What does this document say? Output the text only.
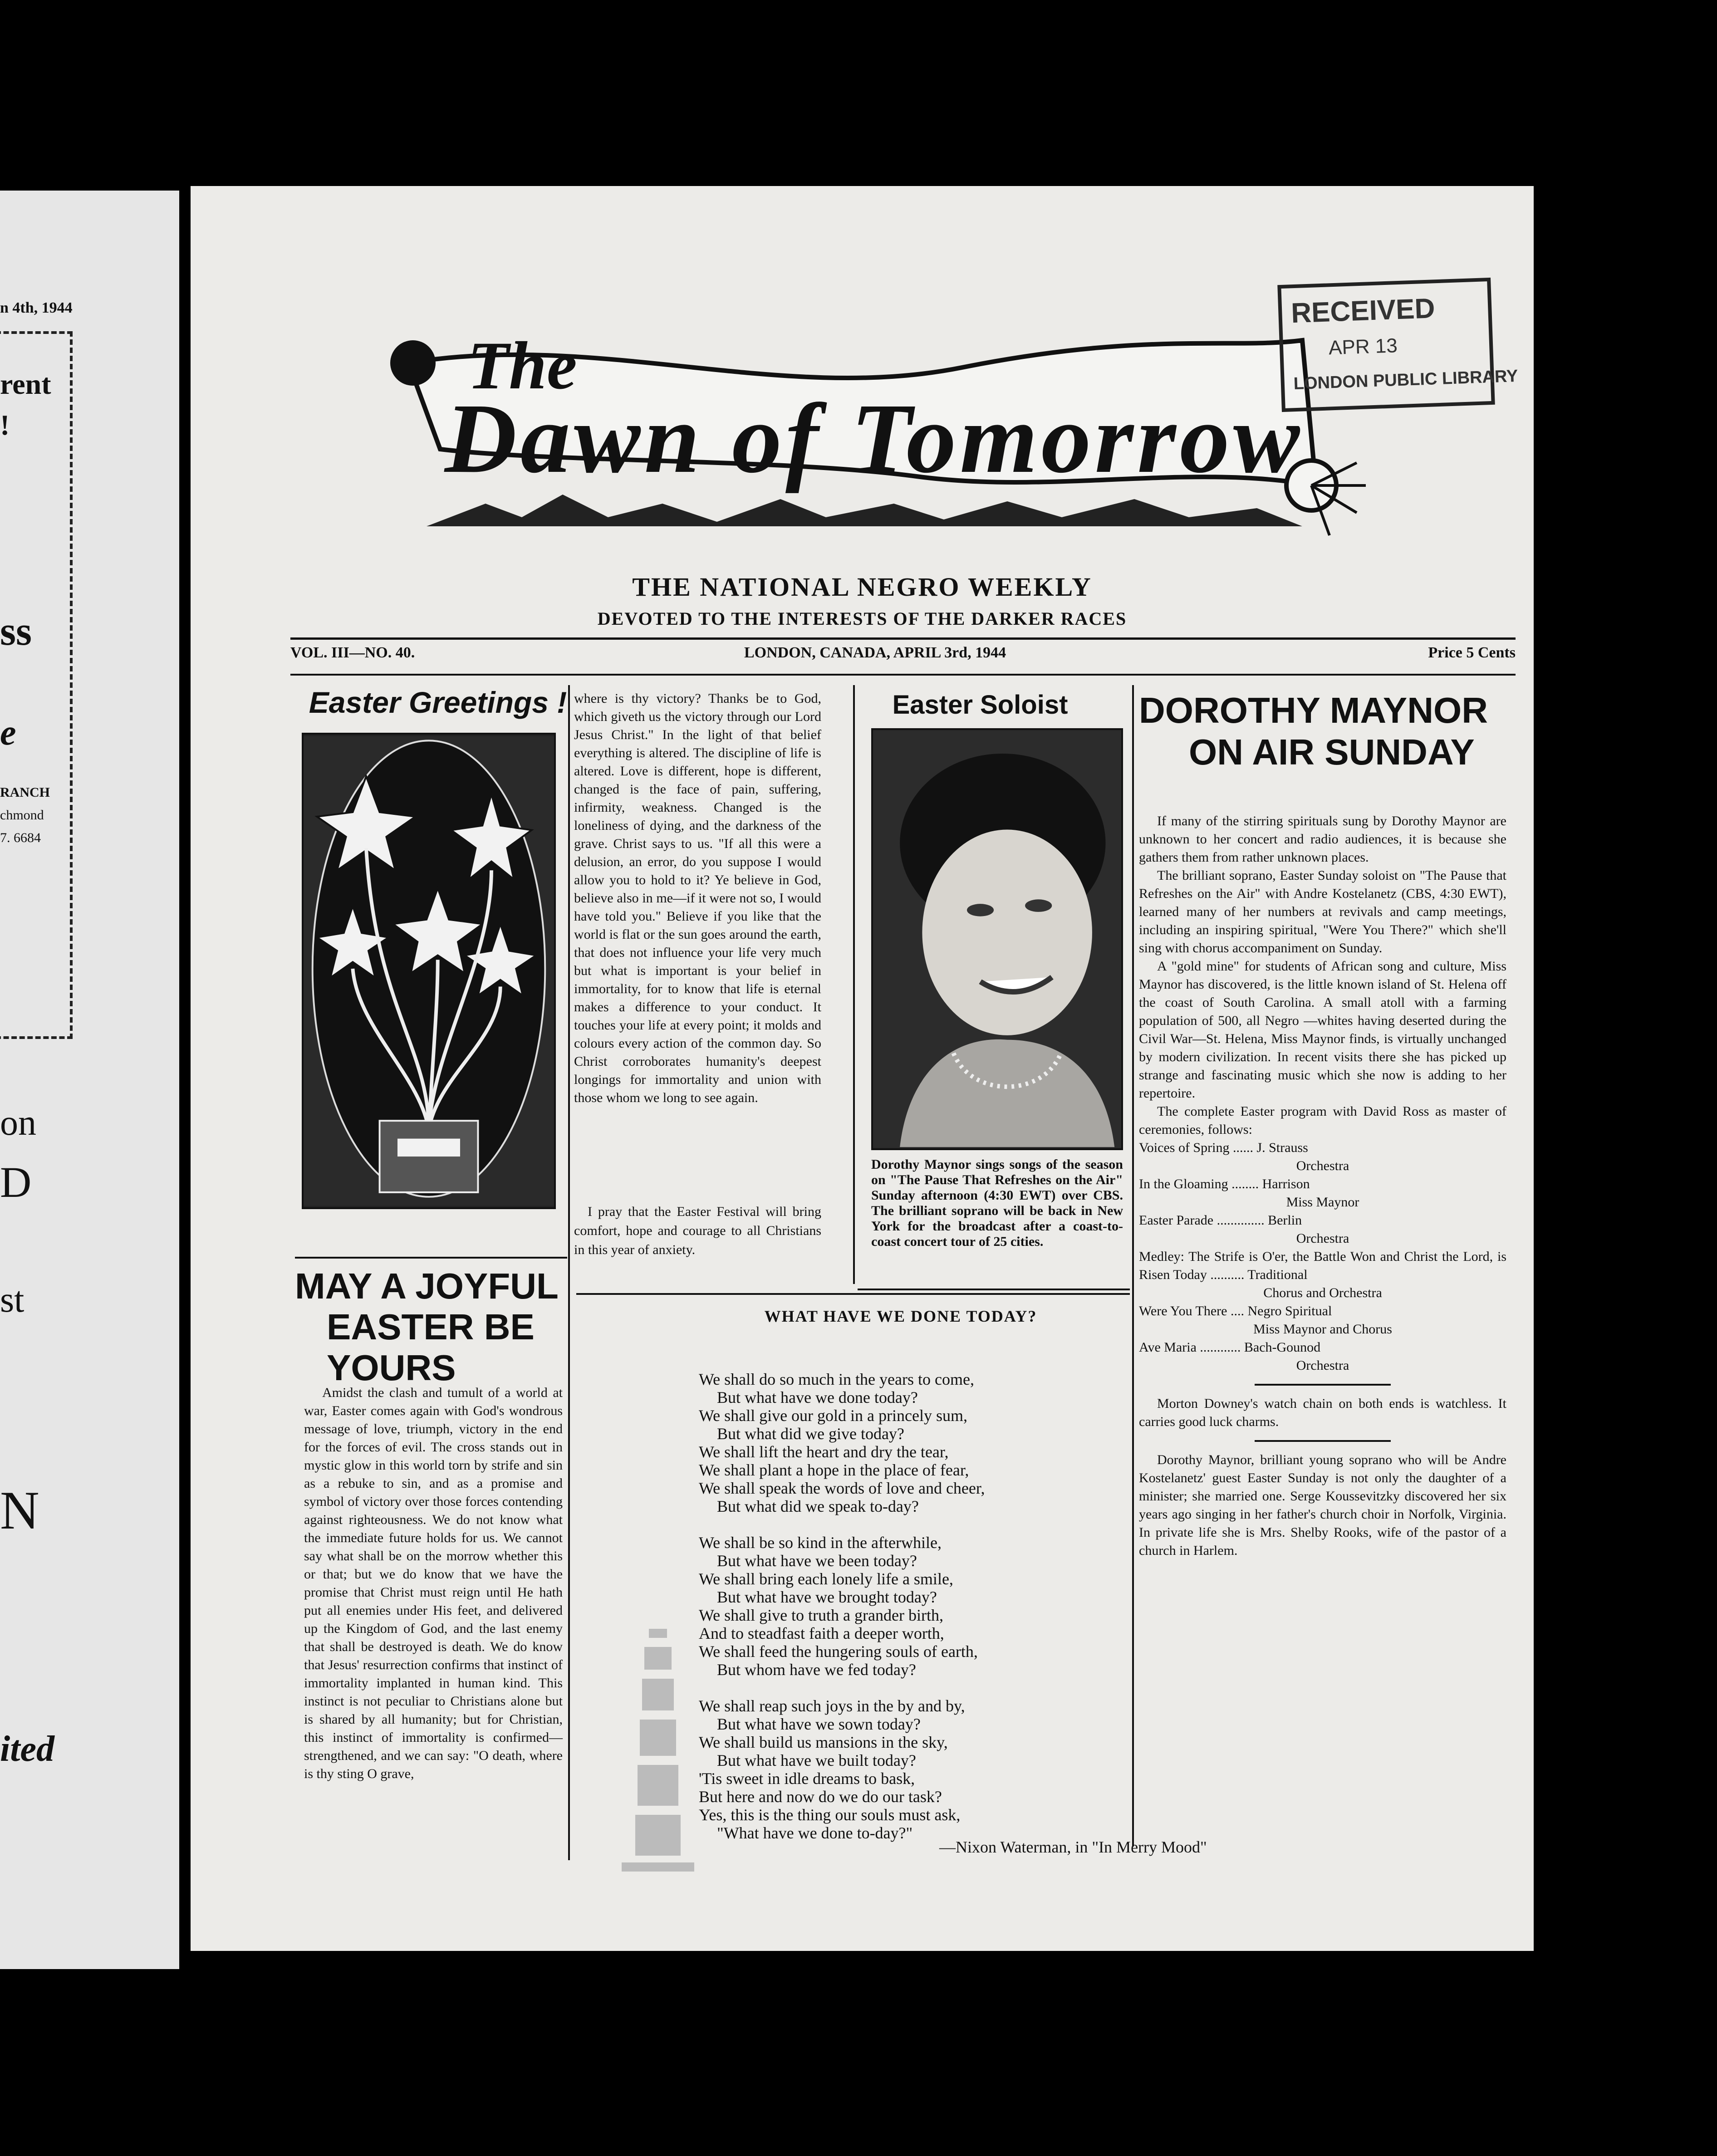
n 4th, 1944
rent
!
ss
e
RANCH
chmond
7. 6684
on
D
st
N
ited
The
Dawn of Tomorrow
RECEIVED
APR 13
LONDON PUBLIC LIBRARY
THE NATIONAL NEGRO WEEKLY
DEVOTED TO THE INTERESTS OF THE DARKER RACES
VOL. III—NO. 40.	LONDON, CANADA, APRIL 3rd, 1944	Price 5 Cents
Easter Greetings ! where is thy victory? Thanks be to God, which giveth us the victory through our Lord Jesus Christ." In the light of that belief everything is altered. The discipline of life is altered. Love is different, hope is different, changed is the face of pain, suffering, infirmity, weakness. Changed is the loneliness of dying, and the darkness of the grave. Christ says to us. "If all this were a delusion, an error, do you suppose I would allow you to hold to it? Ye believe in God, believe also in me—if it were not so, I would have told you." Believe if you like that the world is flat or the sun goes around the earth, that does not influence your life very much but what is important is your belief in immortality, for to know that life is eternal makes a difference to your conduct. It touches your life at every point; it molds and colours every action of the common day. So Christ corroborates humanity's deepest longings for immortality and union with those whom we long to see again.
I pray that the Easter Festival will bring comfort, hope and courage to all Christians in this year of anxiety.
Easter Soloist
Dorothy Maynor sings songs of the season on "The Pause That Refreshes on the Air" Sunday afternoon (4:30 EWT) over CBS. The brilliant soprano will be back in New York for the broadcast after a coast-to-coast concert tour of 25 cities.
DOROTHY MAYNOR
ON AIR SUNDAY

If many of the stirring spirituals sung by Dorothy Maynor are unknown to her concert and radio audiences, it is because she gathers them from rather unknown places.

The brilliant soprano, Easter Sunday soloist on "The Pause that Refreshes on the Air" with Andre Kostelanetz (CBS, 4:30 EWT), learned many of her numbers at revivals and camp meetings, including an inspiring spiritual, "Were You There?" which she'll sing with chorus accompaniment on Sunday.

A "gold mine" for students of African song and culture, Miss Maynor has discovered, is the little known island of St. Helena off the coast of South Carolina. A small atoll with a farming population of 500, all Negro —whites having deserted during the Civil War—St. Helena, Miss Maynor finds, is virtually unchanged by modern civilization. In recent visits there she has picked up strange and fascinating music which she now is adding to her repertoire.

The complete Easter program with David Ross as master of ceremonies, follows:

Voices of Spring ...... J. Strauss
Orchestra
In the Gloaming ........ Harrison
Miss Maynor
Easter Parade .............. Berlin
Orchestra
Medley: The Strife is O'er, the Battle Won and Christ the Lord, is Risen Today .......... Traditional
Chorus and Orchestra
Were You There .... Negro Spiritual
Miss Maynor and Chorus
Ave Maria ............ Bach-Gounod
Orchestra

Morton Downey's watch chain on both ends is watchless. It carries good luck charms.

Dorothy Maynor, brilliant young soprano who will be Andre Kostelanetz' guest Easter Sunday is not only the daughter of a minister; she married one. Serge Koussevitzky discovered her six years ago singing in her father's church choir in Norfolk, Virginia. In private life she is Mrs. Shelby Rooks, wife of the pastor of a church in Harlem.

MAY A JOYFUL
EASTER BE YOURS
Amidst the clash and tumult of a world at war, Easter comes again with God's wondrous message of love, triumph, victory in the end for the forces of evil. The cross stands out in mystic glow in this world torn by strife and sin as a rebuke to sin, and as a promise and symbol of victory over those forces contending against righteousness. We do not know what the immediate future holds for us. We cannot say what shall be on the morrow whether this or that; but we do know that we have the promise that Christ must reign until He hath put all enemies under His feet, and delivered up the Kingdom of God, and the last enemy that shall be destroyed is death. We do know that Jesus' resurrection confirms that instinct of immortality implanted in human kind. This instinct is not peculiar to Christians alone but is shared by all humanity; but for Christian, this instinct of immortality is confirmed—strengthened, and we can say: "O death, where is thy sting O grave,
WHAT HAVE WE DONE TODAY?
We shall do so much in the years to come,
But what have we done today?
We shall give our gold in a princely sum,
But what did we give today?
We shall lift the heart and dry the tear,
We shall plant a hope in the place of fear,
We shall speak the words of love and cheer,
But what did we speak to-day?
We shall be so kind in the afterwhile,
But what have we been today?
We shall bring each lonely life a smile,
But what have we brought today?
We shall give to truth a grander birth,
And to steadfast faith a deeper worth,
We shall feed the hungering souls of earth,
But whom have we fed today?
We shall reap such joys in the by and by,
But what have we sown today?
We shall build us mansions in the sky,
But what have we built today?
'Tis sweet in idle dreams to bask,
But here and now do we do our task?
Yes, this is the thing our souls must ask,
"What have we done to-day?"
—Nixon Waterman, in "In Merry Mood"
